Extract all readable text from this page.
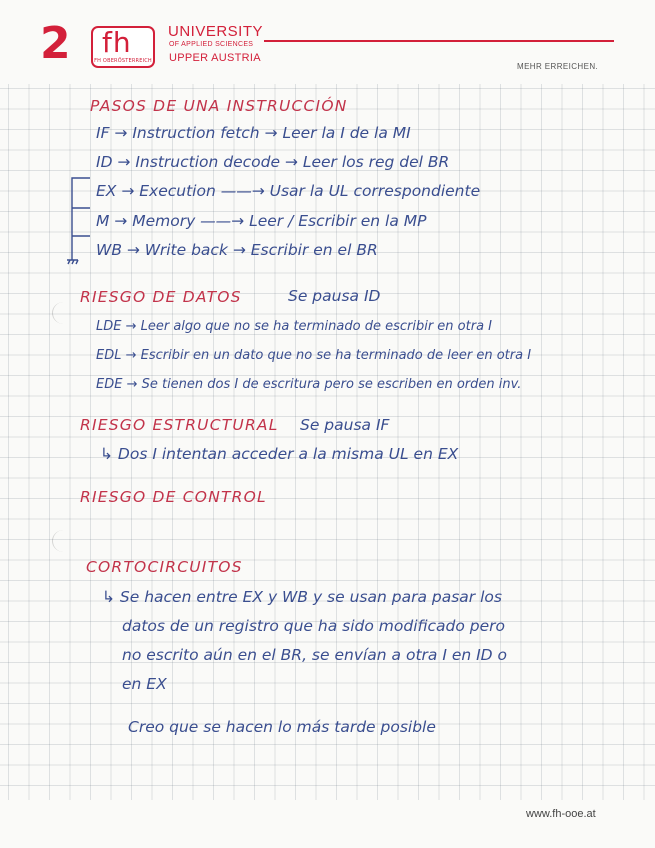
2 fh
FH OBERÖSTERREICH
UNIVERSITY
OF APPLIED SCIENCES
UPPER AUSTRIA
MEHR ERREICHEN.
PASOS DE UNA INSTRUCCIÓN
IF → Instruction fetch → Leer la I de la MI
ID → Instruction decode → Leer los reg del BR
EX → Execution ——→ Usar la UL correspondiente
M → Memory ——→ Leer / Escribir en la MP
WB → Write back → Escribir en el BR
RIESGO DE DATOS	Se pausa ID
LDE → Leer algo que no se ha terminado de escribir en otra I
EDL → Escribir en un dato que no se ha terminado de leer en otra I
EDE → Se tienen dos I de escritura pero se escriben en orden inv.
RIESGO ESTRUCTURAL Se pausa IF
↳ Dos I intentan acceder a la misma UL en EX
RIESGO DE CONTROL
CORTOCIRCUITOS
↳ Se hacen entre EX y WB y se usan para pasar los
datos de un registro que ha sido modificado pero
no escrito aún en el BR, se envían a otra I en ID o
en EX
Creo que se hacen lo más tarde posible
www.fh-ooe.at
